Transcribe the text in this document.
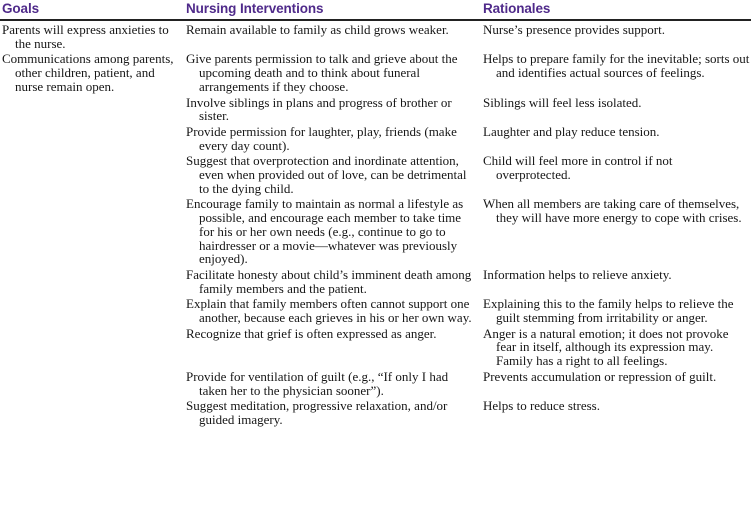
Goals	Nursing Interventions	Rationales

Parents will express anxieties to the nurse.	Remain available to family as child grows weaker.	Nurse’s presence provides support.

Communications among parents, other children, patient, and nurse remain open.	Give parents permission to talk and grieve about the upcoming death and to think about funeral arrangements if they choose.	Helps to prepare family for the inevitable; sorts out and identifies actual sources of feelings.

	Involve siblings in plans and progress of brother or sister.	Siblings will feel less isolated.

	Provide permission for laughter, play, friends (make every day count).	Laughter and play reduce tension.

	Suggest that overprotection and inordinate attention, even when provided out of love, can be detrimental to the dying child.	Child will feel more in control if not overprotected.

	Encourage family to maintain as normal a lifestyle as possible, and encourage each member to take time for his or her own needs (e.g., continue to go to hairdresser or a movie—whatever was previously enjoyed).	When all members are taking care of themselves, they will have more energy to cope with crises.

	Facilitate honesty about child’s imminent death among family members and the patient.	Information helps to relieve anxiety.

	Explain that family members often cannot support one another, because each grieves in his or her own way.	Explaining this to the family helps to relieve the guilt stemming from irritability or anger.

	Recognize that grief is often expressed as anger.	Anger is a natural emotion; it does not provoke fear in itself, although its expression may. Family has a right to all feelings.

	Provide for ventilation of guilt (e.g., “If only I had taken her to the physician sooner”).	Prevents accumulation or repression of guilt.

	Suggest meditation, progressive relaxation, and/or guided imagery.	Helps to reduce stress.
